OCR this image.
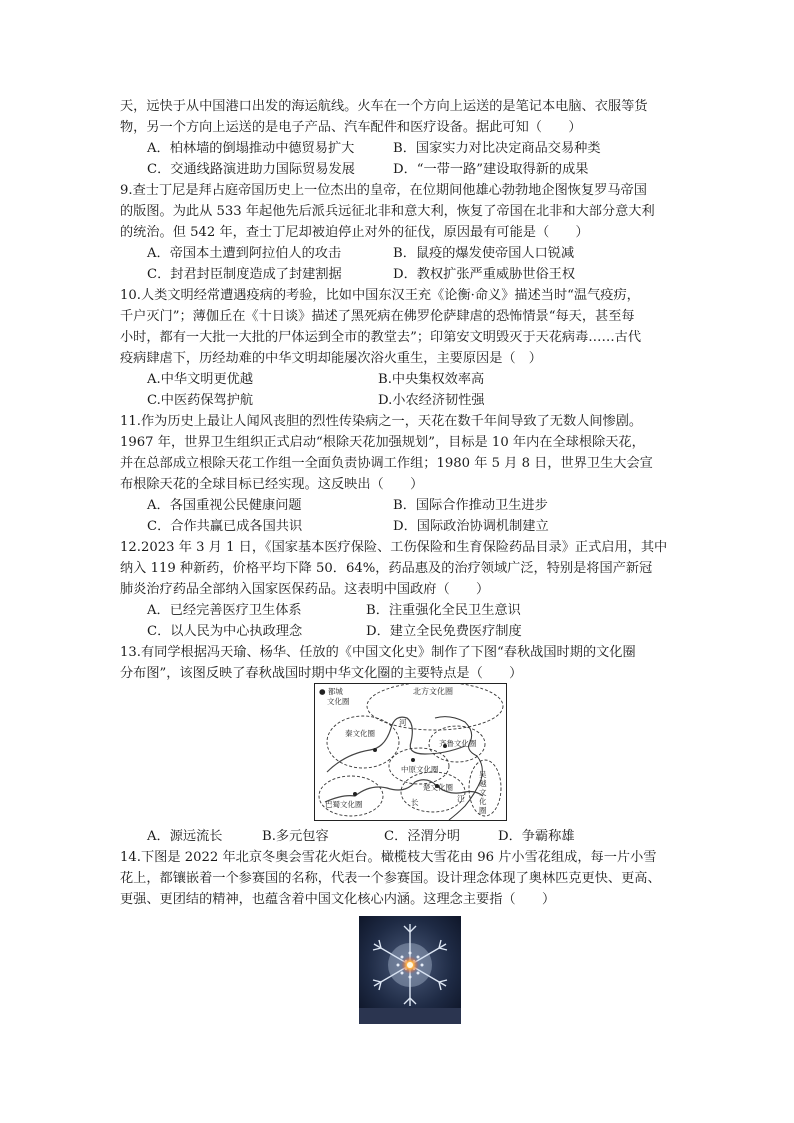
天，远快于从中国港口出发的海运航线。火车在一个方向上运送的是笔记本电脑、衣服等货
物，另一个方向上运送的是电子产品、汽车配件和医疗设备。据此可知（　　）
A．柏林墙的倒塌推动中德贸易扩大	B．国家实力对比决定商品交易种类
C．交通线路演进助力国际贸易发展	D．“一带一路”建设取得新的成果
9.查士丁尼是拜占庭帝国历史上一位杰出的皇帝，在位期间他雄心勃勃地企图恢复罗马帝国
的版图。为此从 533 年起他先后派兵远征北非和意大利，恢复了帝国在北非和大部分意大利
的统治。但 542 年，查士丁尼却被迫停止对外的征伐，原因最有可能是（　　）
A．帝国本土遭到阿拉伯人的攻击	B．鼠疫的爆发使帝国人口锐减
C．封君封臣制度造成了封建割据	D．教权扩张严重威胁世俗王权
10.人类文明经常遭遇疫病的考验，比如中国东汉王充《论衡·命义》描述当时“温气疫疠，
千户灭门”；薄伽丘在《十日谈》描述了黑死病在佛罗伦萨肆虐的恐怖情景“每天，甚至每
小时，都有一大批一大批的尸体运到全市的教堂去”；印第安文明毁灭于天花病毒……古代
疫病肆虐下，历经劫难的中华文明却能屡次浴火重生，主要原因是（　）
A.中华文明更优越	B.中央集权效率高
C.中医药保驾护航	D.小农经济韧性强
11.作为历史上最让人闻风丧胆的烈性传染病之一，天花在数千年间导致了无数人间惨剧。
1967 年，世界卫生组织正式启动“根除天花加强规划”，目标是 10 年内在全球根除天花，
并在总部成立根除天花工作组一全面负责协调工作组；1980 年 5 月 8 日，世界卫生大会宣
布根除天花的全球目标已经实现。这反映出（　　）
A．各国重视公民健康问题	B．国际合作推动卫生进步
C．合作共赢已成各国共识	D．国际政治协调机制建立
12.2023 年 3 月 1 日，《国家基本医疗保险、工伤保险和生育保险药品目录》正式启用，其中
纳入 119 种新药，价格平均下降 50．64%，药品惠及的治疗领域广泛，特别是将国产新冠
肺炎治疗药品全部纳入国家医保药品。这表明中国政府（　　）
A．已经完善医疗卫生体系	B．注重强化全民卫生意识
C．以人民为中心执政理念	D．建立全民免费医疗制度
13.有同学根据冯天瑜、杨华、任放的《中国文化史》制作了下图“春秋战国时期的文化圈
分布图”，该图反映了春秋战国时期中华文化圈的主要特点是（　　）
● 都城
文化圈
北方文化圈
秦文化圈
齐鲁文化圈
中原文化圈
楚文化圈
巴蜀文化圈
吴越文化圈
河
江
长
A．源远流长	B.多元包容	C．泾渭分明	D．争霸称雄
14.下图是 2022 年北京冬奥会雪花火炬台。橄榄枝大雪花由 96 片小雪花组成，每一片小雪
花上，都镶嵌着一个参赛国的名称，代表一个参赛国。设计理念体现了奥林匹克更快、更高、
更强、更团结的精神，也蕴含着中国文化核心内涵。这理念主要指（　　）
